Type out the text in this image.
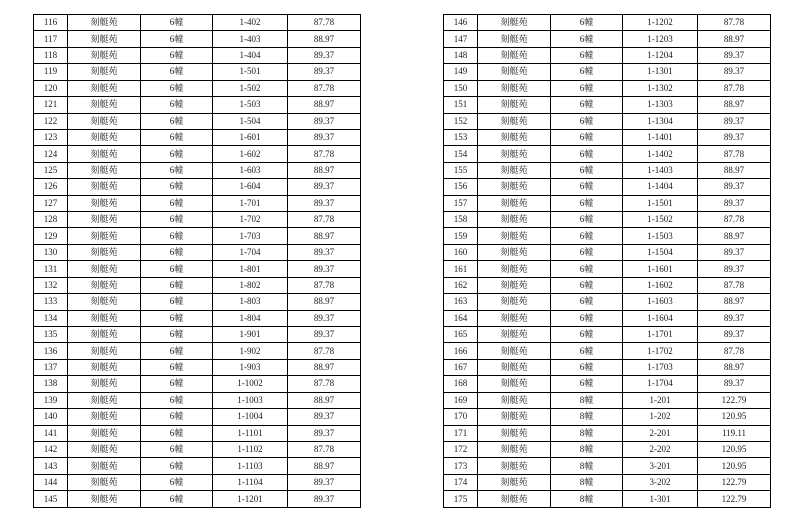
116	刻艇苑	6幢	1-402	87.78
117	刻艇苑	6幢	1-403	88.97
118	刻艇苑	6幢	1-404	89.37
119	刻艇苑	6幢	1-501	89.37
120	刻艇苑	6幢	1-502	87.78
121	刻艇苑	6幢	1-503	88.97
122	刻艇苑	6幢	1-504	89.37
123	刻艇苑	6幢	1-601	89.37
124	刻艇苑	6幢	1-602	87.78
125	刻艇苑	6幢	1-603	88.97
126	刻艇苑	6幢	1-604	89.37
127	刻艇苑	6幢	1-701	89.37
128	刻艇苑	6幢	1-702	87.78
129	刻艇苑	6幢	1-703	88.97
130	刻艇苑	6幢	1-704	89.37
131	刻艇苑	6幢	1-801	89.37
132	刻艇苑	6幢	1-802	87.78
133	刻艇苑	6幢	1-803	88.97
134	刻艇苑	6幢	1-804	89.37
135	刻艇苑	6幢	1-901	89.37
136	刻艇苑	6幢	1-902	87.78
137	刻艇苑	6幢	1-903	88.97
138	刻艇苑	6幢	1-1002	87.78
139	刻艇苑	6幢	1-1003	88.97
140	刻艇苑	6幢	1-1004	89.37
141	刻艇苑	6幢	1-1101	89.37
142	刻艇苑	6幢	1-1102	87.78
143	刻艇苑	6幢	1-1103	88.97
144	刻艇苑	6幢	1-1104	89.37
145	刻艇苑	6幢	1-1201	89.37
146	刻艇苑	6幢	1-1202	87.78
147	刻艇苑	6幢	1-1203	88.97
148	刻艇苑	6幢	1-1204	89.37
149	刻艇苑	6幢	1-1301	89.37
150	刻艇苑	6幢	1-1302	87.78
151	刻艇苑	6幢	1-1303	88.97
152	刻艇苑	6幢	1-1304	89.37
153	刻艇苑	6幢	1-1401	89.37
154	刻艇苑	6幢	1-1402	87.78
155	刻艇苑	6幢	1-1403	88.97
156	刻艇苑	6幢	1-1404	89.37
157	刻艇苑	6幢	1-1501	89.37
158	刻艇苑	6幢	1-1502	87.78
159	刻艇苑	6幢	1-1503	88.97
160	刻艇苑	6幢	1-1504	89.37
161	刻艇苑	6幢	1-1601	89.37
162	刻艇苑	6幢	1-1602	87.78
163	刻艇苑	6幢	1-1603	88.97
164	刻艇苑	6幢	1-1604	89.37
165	刻艇苑	6幢	1-1701	89.37
166	刻艇苑	6幢	1-1702	87.78
167	刻艇苑	6幢	1-1703	88.97
168	刻艇苑	6幢	1-1704	89.37
169	刻艇苑	8幢	1-201	122.79
170	刻艇苑	8幢	1-202	120.95
171	刻艇苑	8幢	2-201	119.11
172	刻艇苑	8幢	2-202	120.95
173	刻艇苑	8幢	3-201	120.95
174	刻艇苑	8幢	3-202	122.79
175	刻艇苑	8幢	1-301	122.79
